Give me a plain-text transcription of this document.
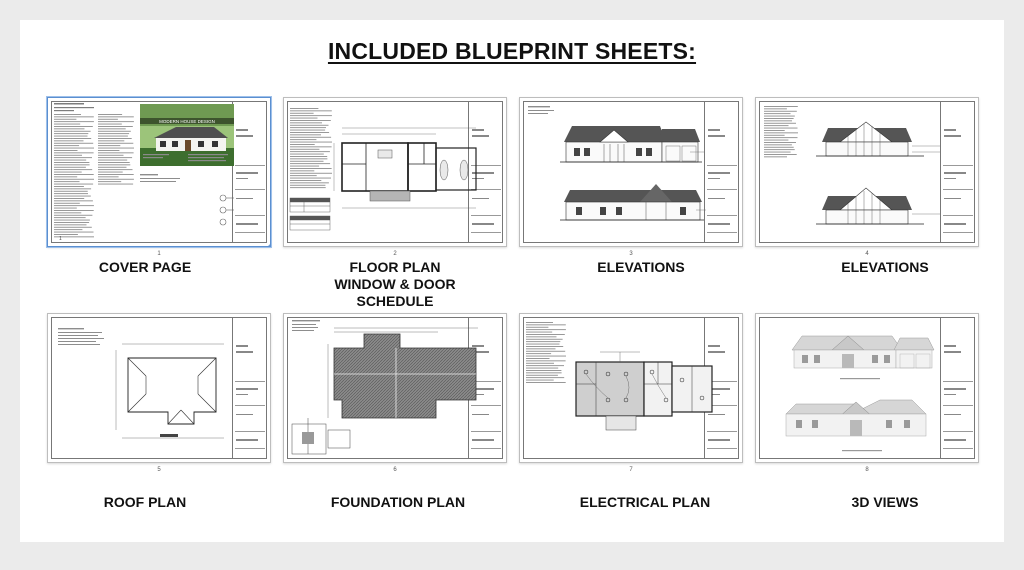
INCLUDED BLUEPRINT SHEETS:
MODERN HOUSE DESIGN
1
COVER PAGE
1	2
FLOOR PLAN
WINDOW & DOOR
SCHEDULE
3
ELEVATIONS
4
ELEVATIONS
5
ROOF PLAN
6
FOUNDATION PLAN
7
ELECTRICAL PLAN
8
3D VIEWS
